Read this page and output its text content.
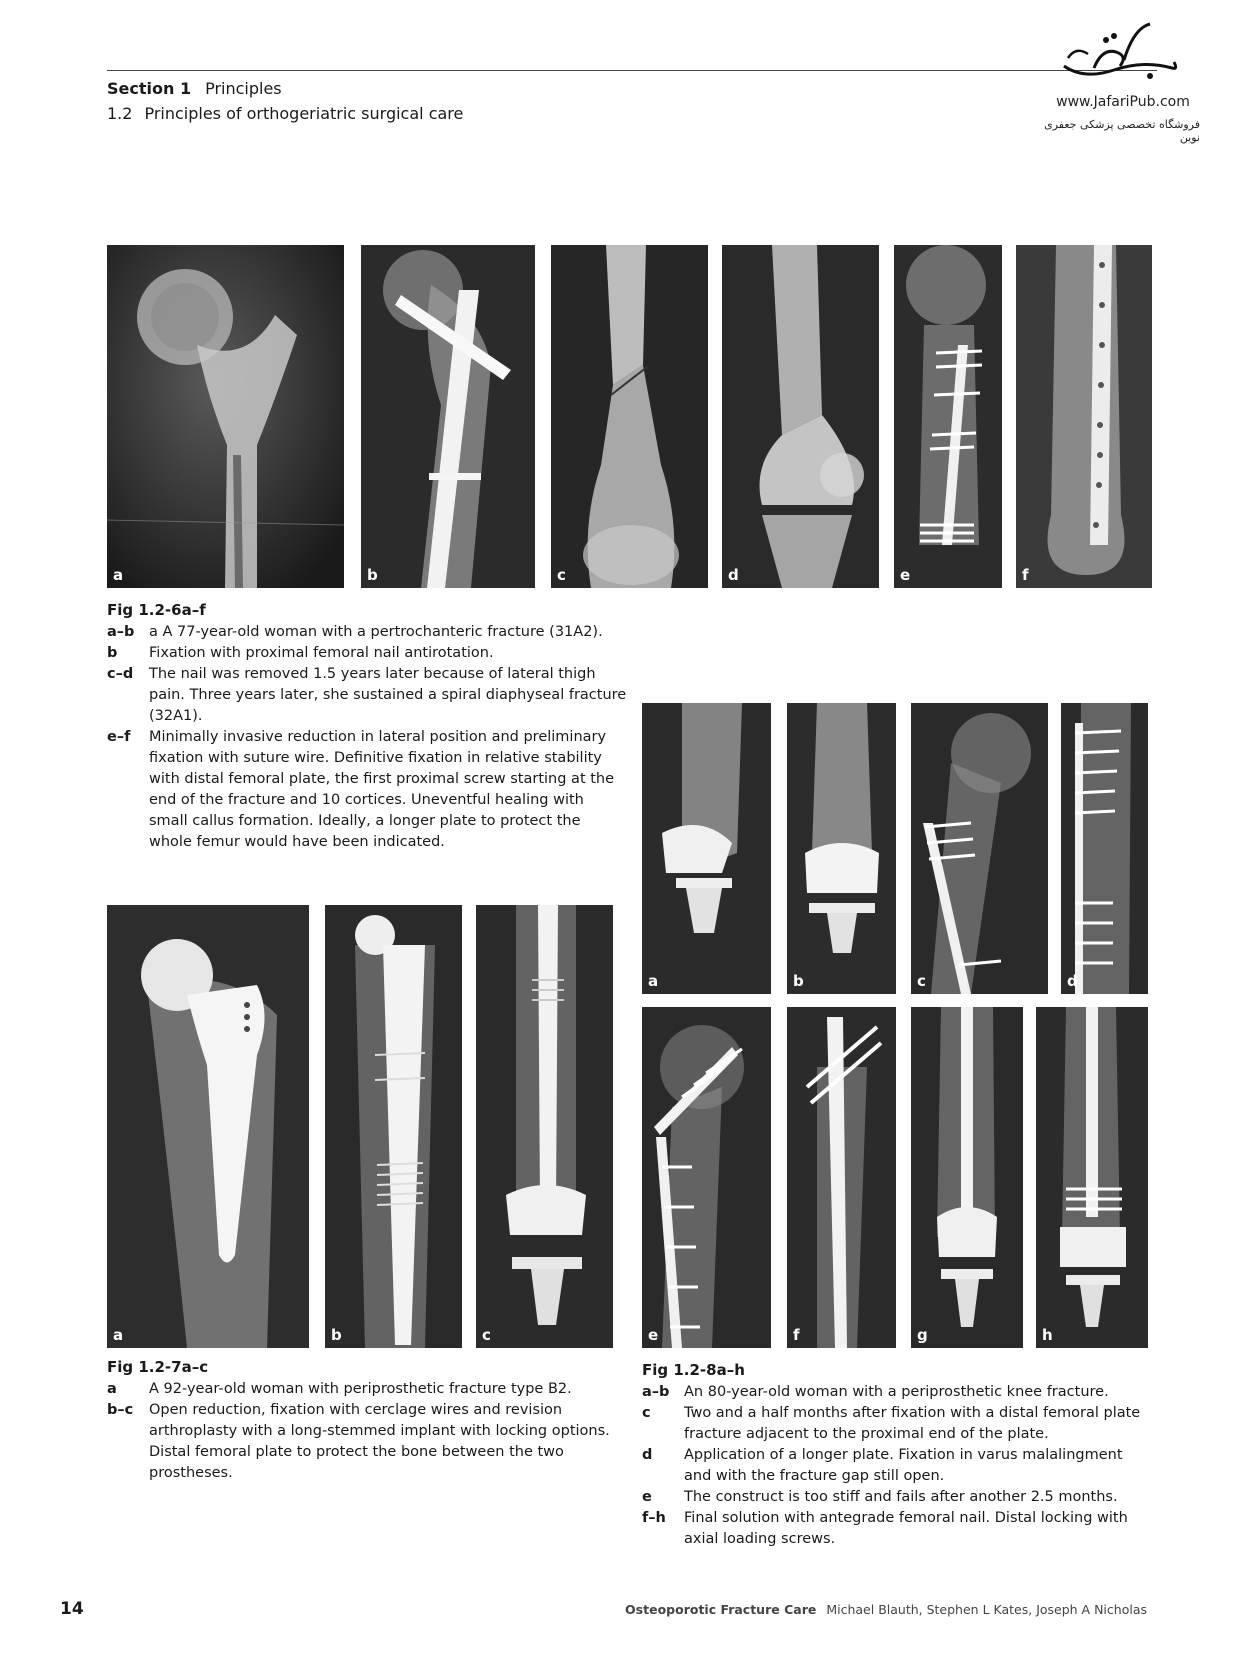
Section 1 Principles
1.2 Principles of orthogeriatric surgical care
www.JafariPub.com
فروشگاه تخصصی پزشکی جعفری نوین
a	b	c	d	e	f
Fig 1.2-6a–f
a–b	a A 77-year-old woman with a pertrochanteric fracture (31A2).
b	Fixation with proximal femoral nail antirotation.
c–d	The nail was removed 1.5 years later because of lateral thigh pain. Three years later, she sustained a spiral diaphyseal fracture (32A1).
e–f	Minimally invasive reduction in lateral position and preliminary fixation with suture wire. Definitive fixation in relative stability with distal femoral plate, the first proximal screw starting at the end of the fracture and 10 cortices. Uneventful healing with small callus formation. Ideally, a longer plate to protect the whole femur would have been indicated.
a	b	c
Fig 1.2-7a–c
a	A 92-year-old woman with periprosthetic fracture type B2.
b–c	Open reduction, fixation with cerclage wires and revision arthroplasty with a long-stemmed implant with locking options. Distal femoral plate to protect the bone between the two prostheses.
a	b	c	d
e	f	g	h
Fig 1.2-8a–h
a–b	An 80-year-old woman with a periprosthetic knee fracture.
c	Two and a half months after fixation with a distal femoral plate fracture adjacent to the proximal end of the plate.
d	Application of a longer plate. Fixation in varus malalingment and with the fracture gap still open.
e	The construct is too stiff and fails after another 2.5 months.
f–h	Final solution with antegrade femoral nail. Distal locking with axial loading screws.
14	Osteoporotic Fracture Care Michael Blauth, Stephen L Kates, Joseph A Nicholas
